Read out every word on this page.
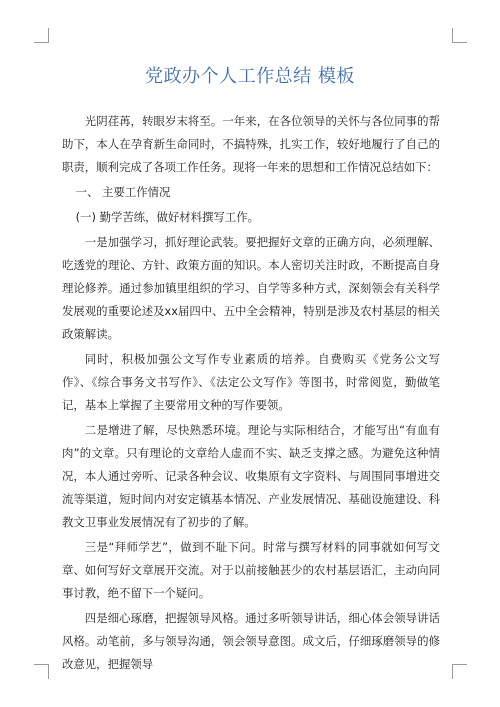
党政办个人工作总结 模板

光阴荏苒，转眼岁末将至。一年来，在各位领导的关怀与各位同事的帮助下，本人在孕育新生命同时，不搞特殊，扎实工作，较好地履行了自己的职责，顺利完成了各项工作任务。现将一年来的思想和工作情况总结如下：

一、 主要工作情况

(一) 勤学苦练，做好材料撰写工作。

一是加强学习，抓好理论武装。要把握好文章的正确方向，必须理解、吃透党的理论、方针、政策方面的知识。本人密切关注时政，不断提高自身理论修养。通过参加镇里组织的学习、自学等多种方式，深刻领会有关科学发展观的重要论述及xx届四中、五中全会精神，特别是涉及农村基层的相关政策解读。

同时，积极加强公文写作专业素质的培养。自费购买《党务公文写作》、《综合事务文书写作》、《法定公文写作》等图书，时常阅览，勤做笔记，基本上掌握了主要常用文种的写作要领。

二是增进了解，尽快熟悉环境。理论与实际相结合，才能写出“有血有肉”的文章。只有理论的文章给人虚而不实、缺乏支撑之感。为避免这种情况，本人通过旁听、记录各种会议、收集原有文字资料、与周围同事增进交流等渠道，短时间内对安定镇基本情况、产业发展情况、基础设施建设、科教文卫事业发展情况有了初步的了解。

三是“拜师学艺”，做到不耻下问。时常与撰写材料的同事就如何写文章、如何写好文章展开交流。对于以前接触甚少的农村基层语汇，主动向同事讨教，绝不留下一个疑问。

四是细心琢磨，把握领导风格。通过多听领导讲话，细心体会领导讲话风格。动笔前，多与领导沟通，领会领导意图。成文后，仔细琢磨领导的修改意见，把握领导
